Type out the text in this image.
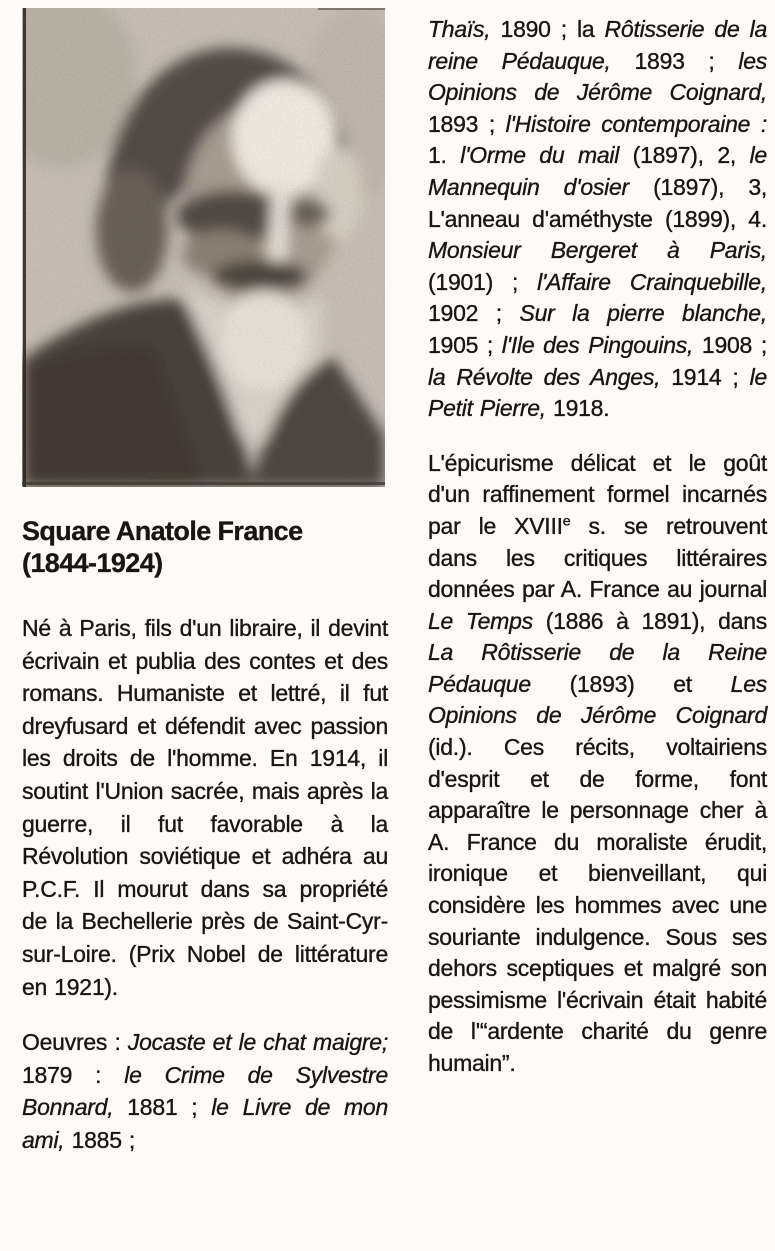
Square Anatole France
(1844-1924)

Né à Paris, fils d'un libraire, il devint écrivain et publia des contes et des romans. Humaniste et lettré, il fut dreyfusard et défendit avec passion les droits de l'homme. En 1914, il soutint l'Union sacrée, mais après la guerre, il fut favorable à la Révolution soviétique et adhéra au P.C.F. Il mourut dans sa propriété de la Bechellerie près de Saint-Cyr-sur-Loire. (Prix Nobel de littérature en 1921).

Oeuvres : Jocaste et le chat maigre; 1879 : le Crime de Sylvestre Bonnard, 1881 ; le Livre de mon ami, 1885 ;

Thaïs, 1890 ; la Rôtisserie de la reine Pédauque, 1893 ; les Opinions de Jérôme Coignard, 1893 ; l'Histoire contemporaine : 1. l'Orme du mail (1897), 2, le Mannequin d'osier (1897), 3, L'anneau d'améthyste (1899), 4. Monsieur Bergeret à Paris, (1901) ; l'Affaire Crainquebille, 1902 ; Sur la pierre blanche, 1905 ; l'Ile des Pingouins, 1908 ; la Révolte des Anges, 1914 ; le Petit Pierre, 1918.

L'épicurisme délicat et le goût d'un raffinement formel incarnés par le XVIIIe s. se retrouvent dans les critiques littéraires données par A. France au journal Le Temps (1886 à 1891), dans La Rôtisserie de la Reine Pédauque (1893) et Les Opinions de Jérôme Coignard (id.). Ces récits, voltairiens d'esprit et de forme, font apparaître le personnage cher à A. France du moraliste érudit, ironique et bienveillant, qui considère les hommes avec une souriante indulgence. Sous ses dehors sceptiques et malgré son pessimisme l'écrivain était habité de l'“ardente charité du genre humain”.
